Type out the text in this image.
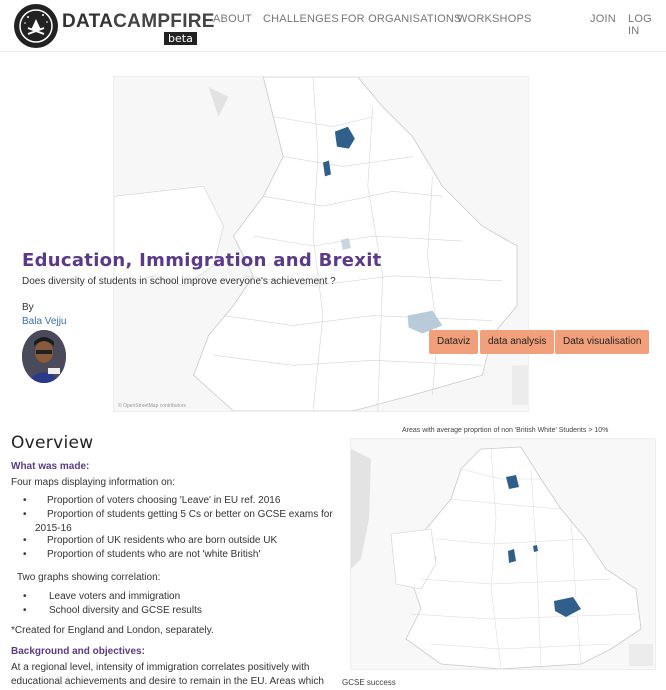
DATACAMPFIRE
beta
ABOUT CHALLENGES FOR ORGANISATIONS
WORKSHOPS	JOIN LOG IN
© OpenStreetMap contributors
Education, Immigration and Brexit
Does diversity of students in school improve everyone's achievement ?
By
Bala Vejju
Dataviz	data analysis	Data visualisation
Overview
What was made:
Four maps displaying information on:
• Proportion of voters choosing 'Leave' in EU ref. 2016
• Proportion of students getting 5 Cs or better on GCSE exams for
2015-16
• Proportion of UK residents who are born outside UK
• Proportion of students who are not 'white British'
Two graphs showing correlation:
• Leave voters and immigration
• School diversity and GCSE results
*Created for England and London, separately.
Background and objectives:
At a regional level, intensity of immigration correlates positively with
educational achievements and desire to remain in the EU. Areas which
Areas with average proprtion of non 'British White' Students > 10%
GCSE success
